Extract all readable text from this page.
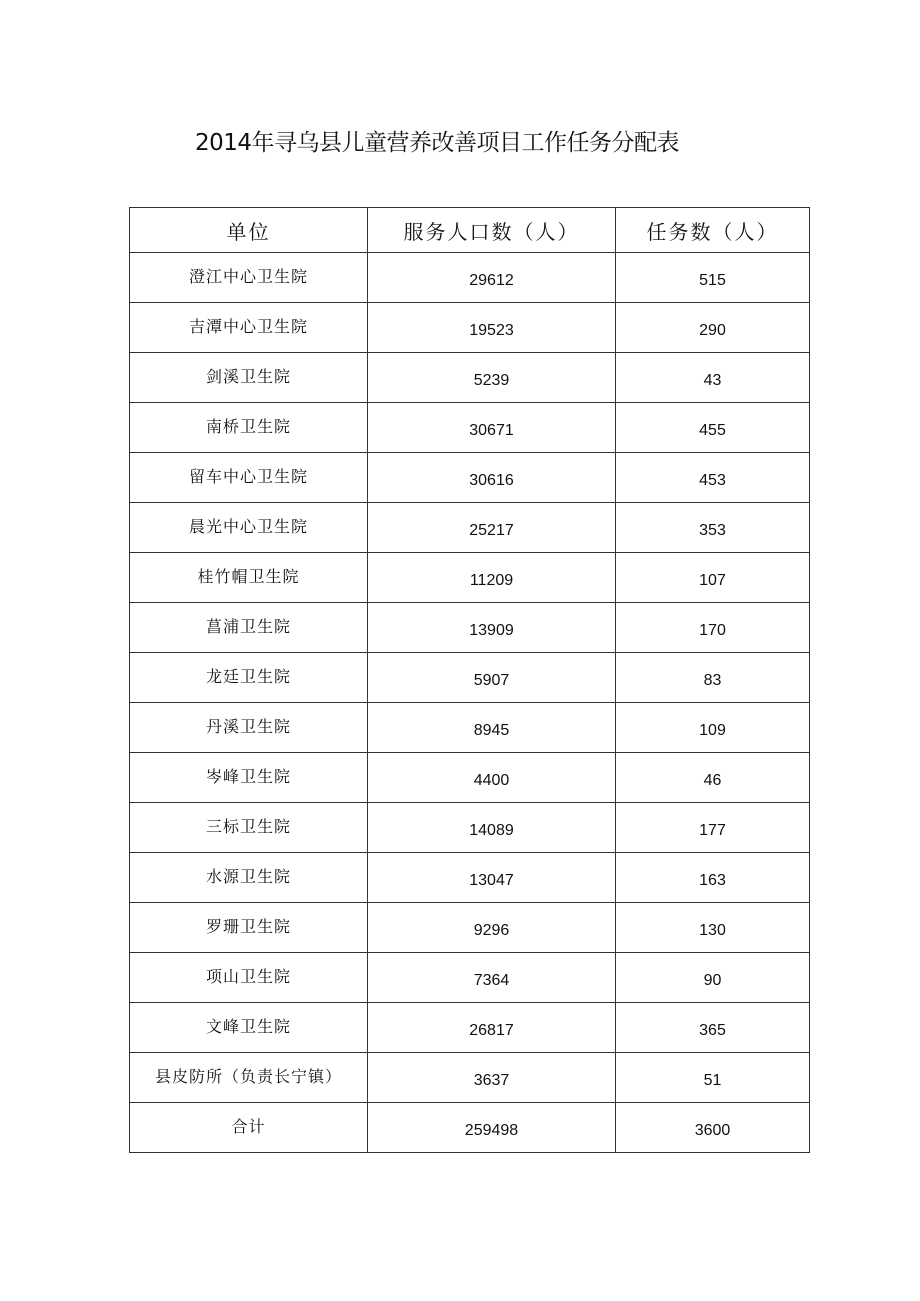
2014年寻乌县儿童营养改善项目工作任务分配表
单位	服务人口数（人）	任务数（人）
澄江中心卫生院	29612	515
吉潭中心卫生院	19523	290
剑溪卫生院	5239	43
南桥卫生院	30671	455
留车中心卫生院	30616	453
晨光中心卫生院	25217	353
桂竹帽卫生院	11209	107
菖浦卫生院	13909	170
龙廷卫生院	5907	83
丹溪卫生院	8945	109
岑峰卫生院	4400	46
三标卫生院	14089	177
水源卫生院	13047	163
罗珊卫生院	9296	130
项山卫生院	7364	90
文峰卫生院	26817	365
县皮防所（负责长宁镇）	3637	51
合计	259498	3600
